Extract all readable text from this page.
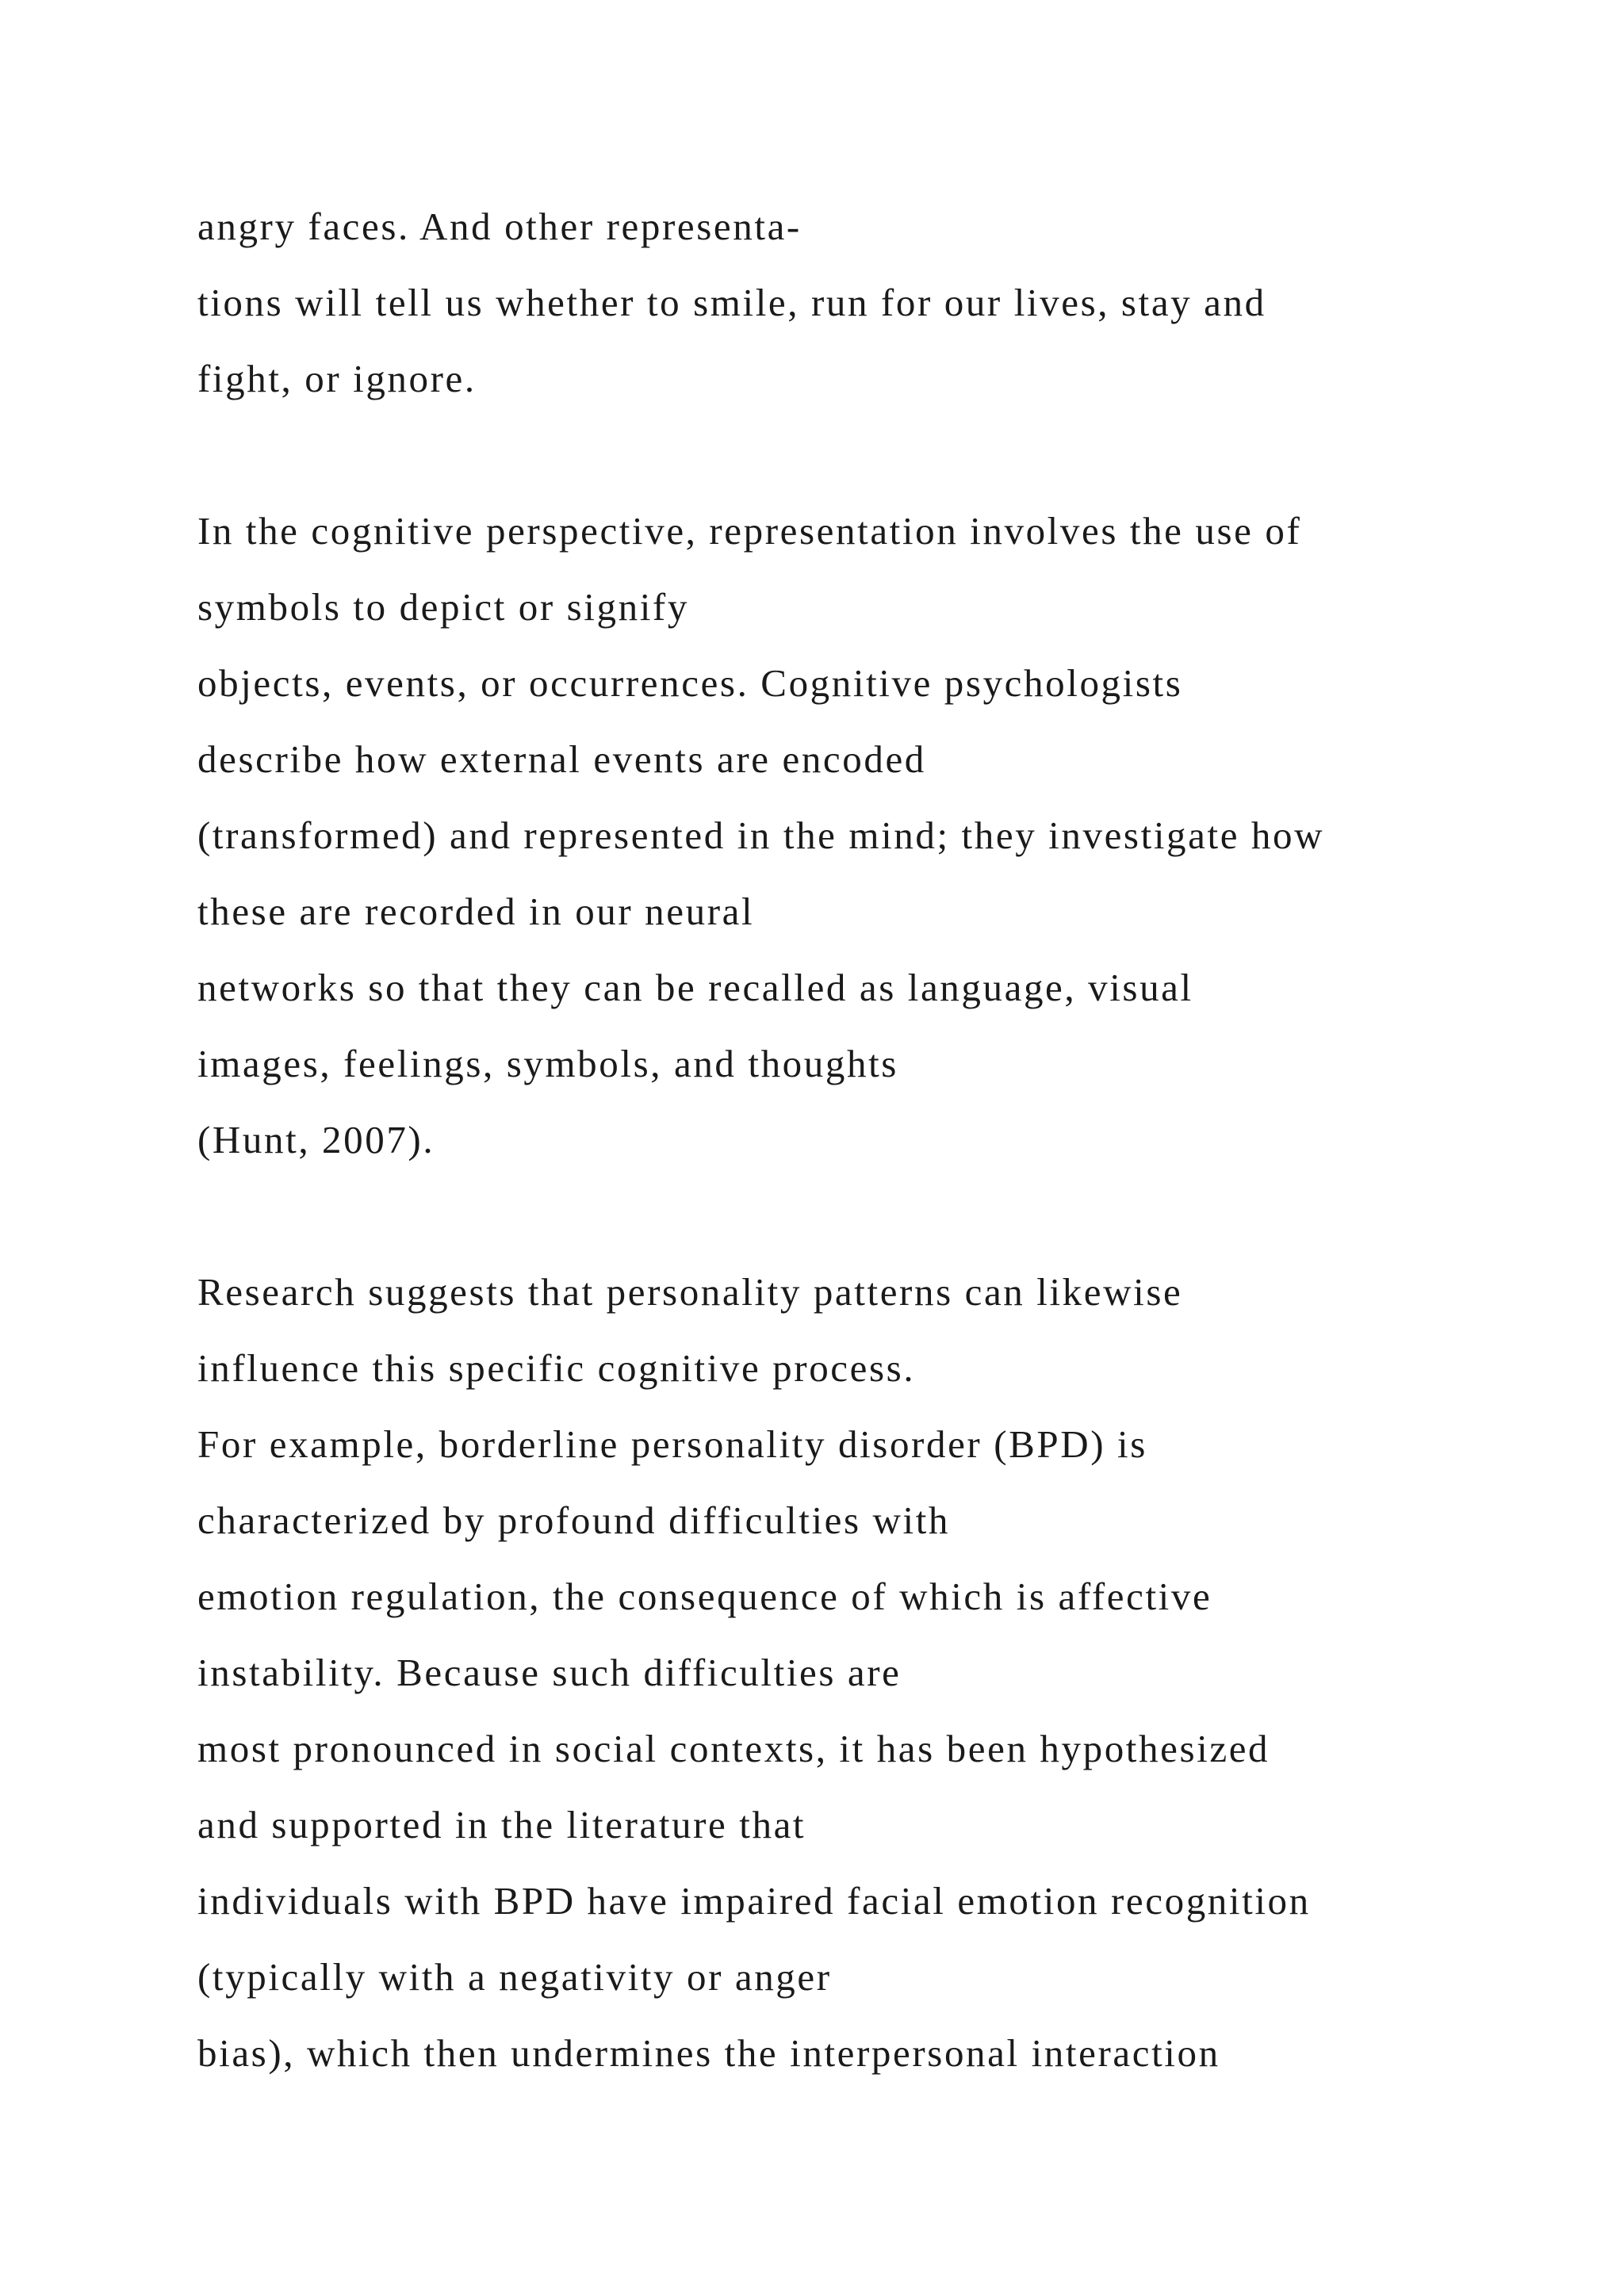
angry faces. And other representa-
tions will tell us whether to smile, run for our lives, stay and
fight, or ignore.
In the cognitive perspective, representation involves the use of
symbols to depict or signify
objects, events, or occurrences. Cognitive psychologists
describe how external events are encoded
(transformed) and represented in the mind; they investigate how
these are recorded in our neural
networks so that they can be recalled as language, visual
images, feelings, symbols, and thoughts
(Hunt, 2007).
Research suggests that personality patterns can likewise
influence this specific cognitive process.
For example, borderline personality disorder (BPD) is
characterized by profound difficulties with
emotion regulation, the consequence of which is affective
instability. Because such difficulties are
most pronounced in social contexts, it has been hypothesized
and supported in the literature that
individuals with BPD have impaired facial emotion recognition
(typically with a negativity or anger
bias), which then undermines the interpersonal interaction
